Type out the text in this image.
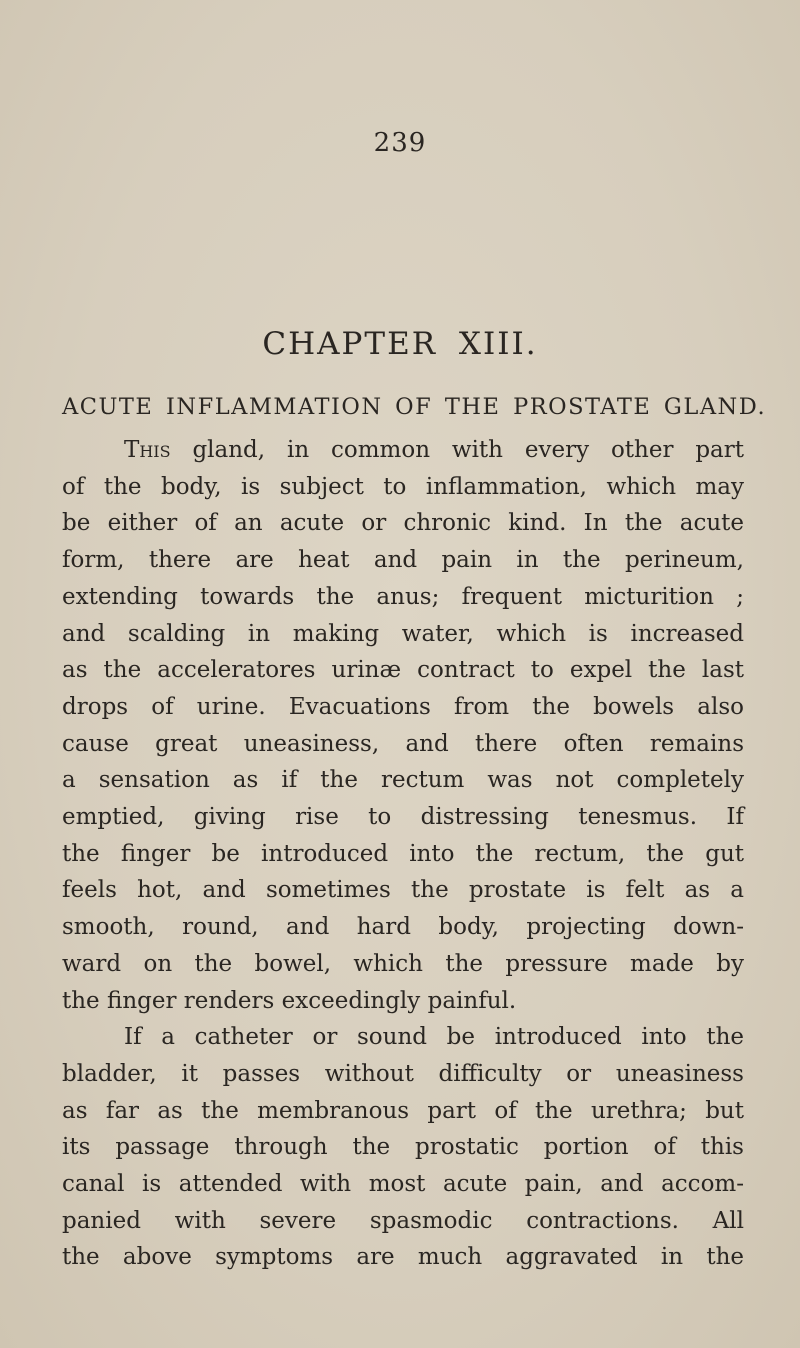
239
CHAPTER XIII.
ACUTE INFLAMMATION OF THE PROSTATE GLAND.
This gland, in common with every other part
of the body, is subject to inflammation, which may
be either of an acute or chronic kind. In the acute
form, there are heat and pain in the perineum,
extending towards the anus; frequent micturition ;
and scalding in making water, which is increased
as the acceleratores urinæ contract to expel the last
drops of urine. Evacuations from the bowels also
cause great uneasiness, and there often remains
a sensation as if the rectum was not completely
emptied, giving rise to distressing tenesmus. If
the finger be introduced into the rectum, the gut
feels hot, and sometimes the prostate is felt as a
smooth, round, and hard body, projecting down-
ward on the bowel, which the pressure made by
the finger renders exceedingly painful.
If a catheter or sound be introduced into the
bladder, it passes without difficulty or uneasiness
as far as the membranous part of the urethra; but
its passage through the prostatic portion of this
canal is attended with most acute pain, and accom-
panied with severe spasmodic contractions. All
the above symptoms are much aggravated in the
